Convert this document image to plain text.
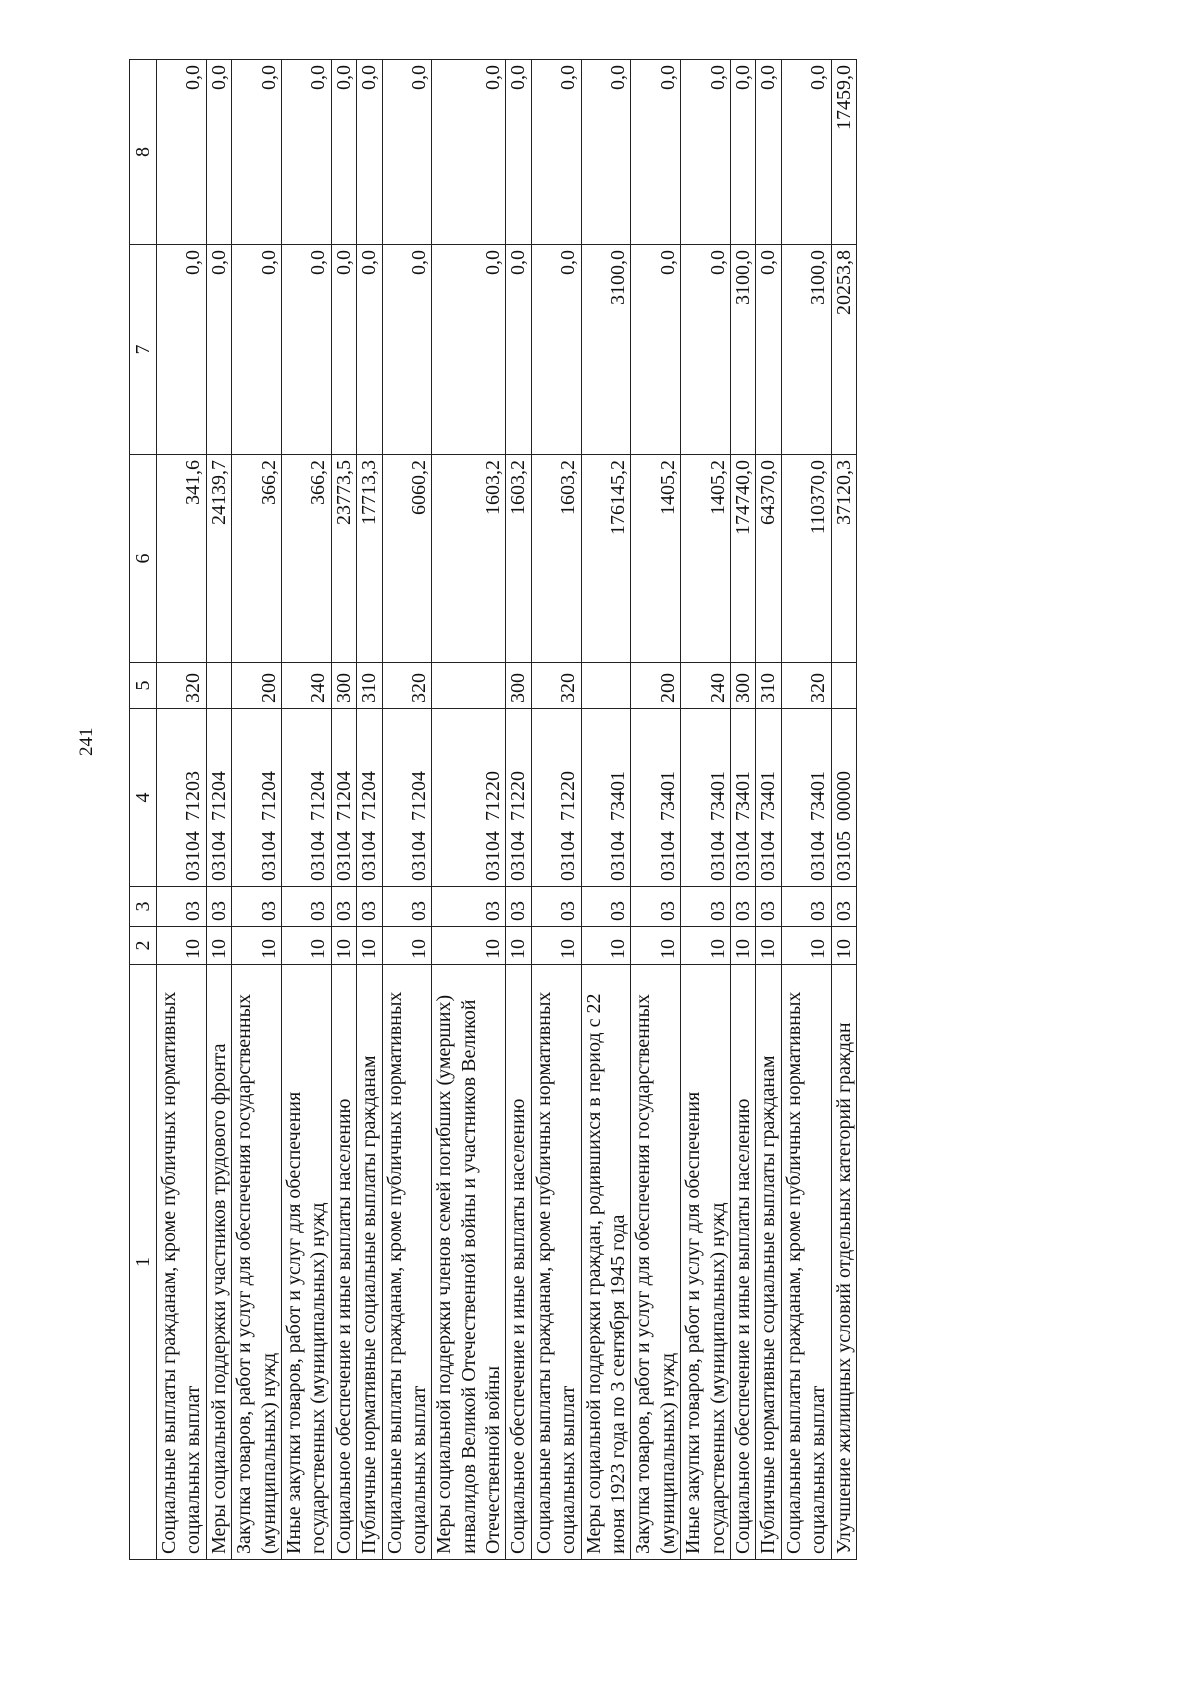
241
1	2	3	4	5	6	7	8
Социальные выплаты гражданам, кроме публичных нормативных социальных выплат	10	03	0310471203	320	341,6	0,0	0,0
Меры социальной поддержки участников трудового фронта	10	03	0310471204		24139,7	0,0	0,0
Закупка товаров, работ и услуг для обеспечения государственных (муниципальных) нужд	10	03	0310471204	200	366,2	0,0	0,0
Иные закупки товаров, работ и услуг для обеспечения государственных (муниципальных) нужд	10	03	0310471204	240	366,2	0,0	0,0
Социальное обеспечение и иные выплаты населению	10	03	0310471204	300	23773,5	0,0	0,0
Публичные нормативные социальные выплаты гражданам	10	03	0310471204	310	17713,3	0,0	0,0
Социальные выплаты гражданам, кроме публичных нормативных социальных выплат	10	03	0310471204	320	6060,2	0,0	0,0
Меры социальной поддержки членов семей погибших (умерших) инвалидов Великой Отечественной войны и участников Великой Отечественной войны	10	03	0310471220		1603,2	0,0	0,0
Социальное обеспечение и иные выплаты населению	10	03	0310471220	300	1603,2	0,0	0,0
Социальные выплаты гражданам, кроме публичных нормативных социальных выплат	10	03	0310471220	320	1603,2	0,0	0,0
Меры социальной поддержки граждан, родившихся в период с 22 июня 1923 года по 3 сентября 1945 года	10	03	0310473401		176145,2	3100,0	0,0
Закупка товаров, работ и услуг для обеспечения государственных (муниципальных) нужд	10	03	0310473401	200	1405,2	0,0	0,0
Иные закупки товаров, работ и услуг для обеспечения государственных (муниципальных) нужд	10	03	0310473401	240	1405,2	0,0	0,0
Социальное обеспечение и иные выплаты населению	10	03	0310473401	300	174740,0	3100,0	0,0
Публичные нормативные социальные выплаты гражданам	10	03	0310473401	310	64370,0	0,0	0,0
Социальные выплаты гражданам, кроме публичных нормативных социальных выплат	10	03	0310473401	320	110370,0	3100,0	0,0
Улучшение жилищных условий отдельных категорий граждан	10	03	0310500000		37120,3	20253,8	17459,0
